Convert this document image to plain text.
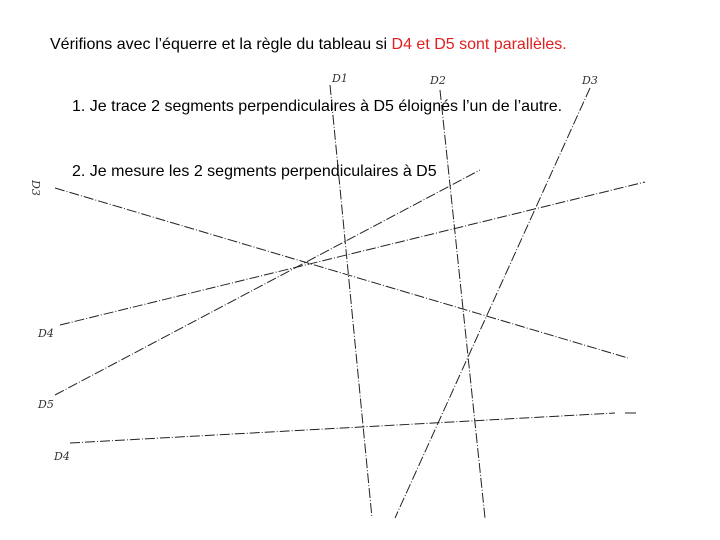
Vérifions avec l’équerre et la règle du tableau si D4 et D5 sont parallèles.
1. Je trace 2 segments perpendiculaires à D5 éloignés l’un de l’autre.
2. Je mesure les 2 segments perpendiculaires à D5
D1	D2	D3
D3
D4
D5
D4
